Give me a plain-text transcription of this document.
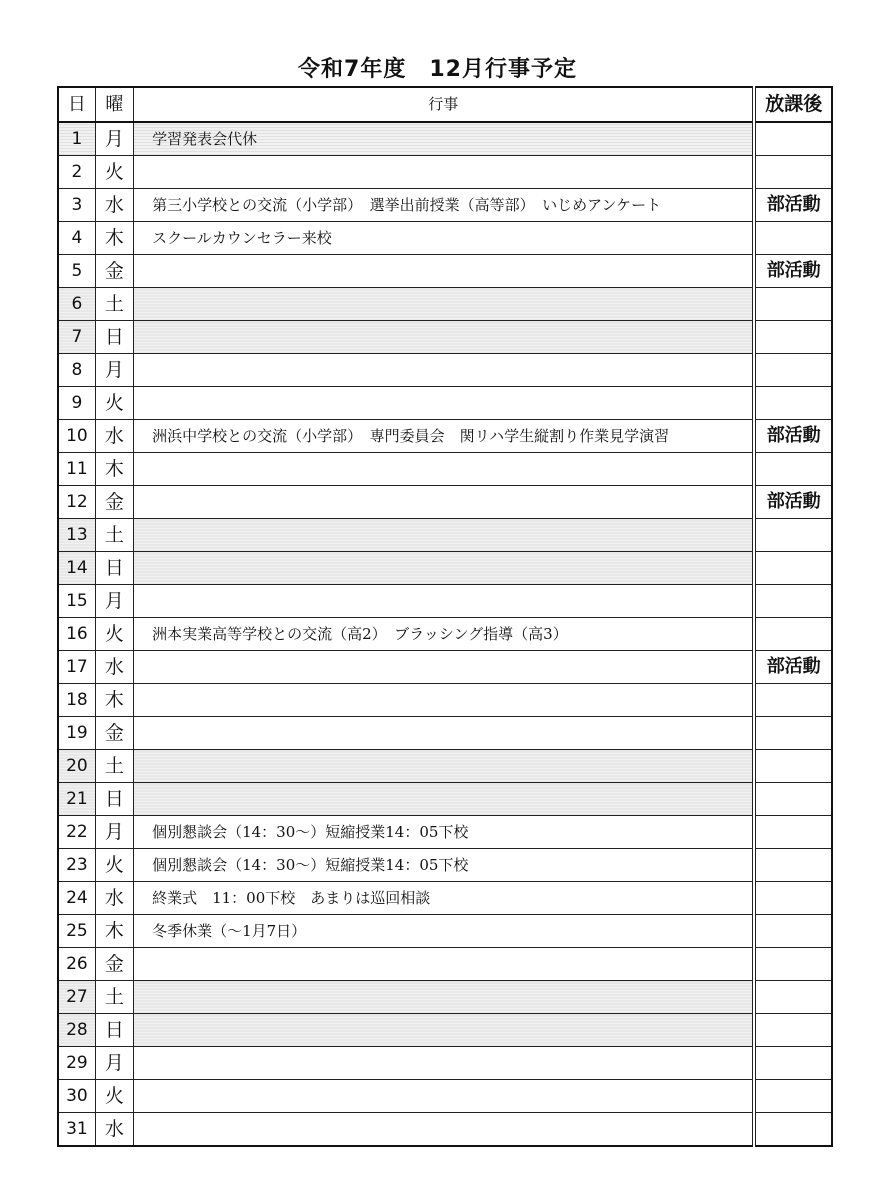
令和7年度　12月行事予定
日	曜	行事	放課後
1	月	学習発表会代休	
2	火		
3	水	第三小学校との交流（小学部）　選挙出前授業（高等部）　いじめアンケート	部活動
4	木	スクールカウンセラー来校	
5	金		部活動
6	土		
7	日		
8	月		
9	火		
10	水	洲浜中学校との交流（小学部）　専門委員会　関リハ学生縦割り作業見学演習	部活動
11	木		
12	金		部活動
13	土		
14	日		
15	月		
16	火	洲本実業高等学校との交流（高2）　ブラッシング指導（高3）	
17	水		部活動
18	木		
19	金		
20	土		
21	日		
22	月	個別懇談会（14：30～）短縮授業14：05下校	
23	火	個別懇談会（14：30～）短縮授業14：05下校	
24	水	終業式　11：00下校　あまりは巡回相談	
25	木	冬季休業（～1月7日）	
26	金		
27	土		
28	日		
29	月		
30	火		
31	水		
